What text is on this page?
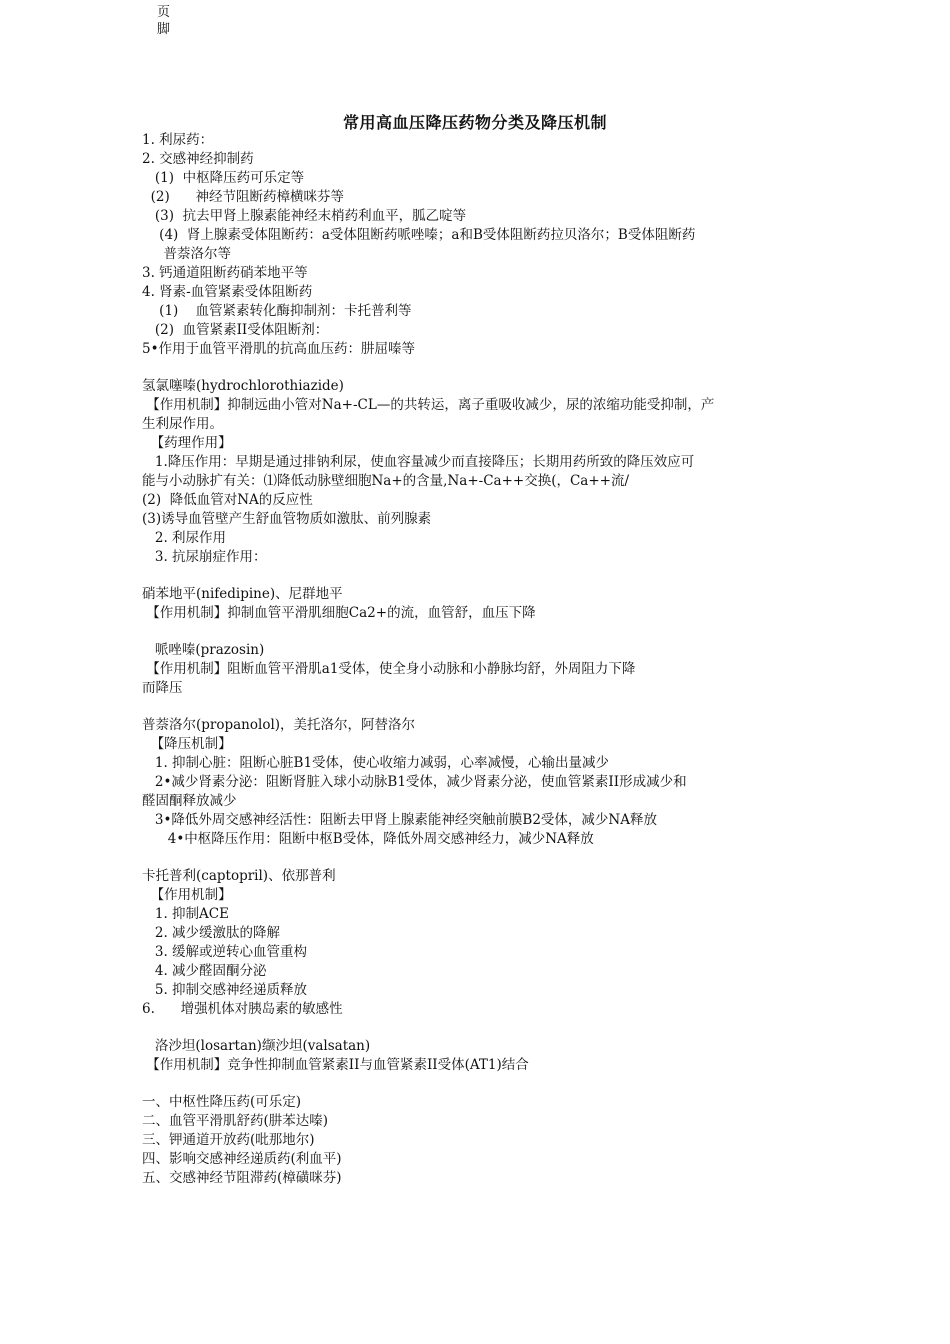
页
脚
常用高血压降压药物分类及降压机制
1. 利尿药：
2. 交感神经抑制药
(1)  中枢降压药可乐定等
(2)      神经节阻断药樟横咪芬等
(3)  抗去甲肾上腺素能神经末梢药利血平，胍乙啶等
(4)  肾上腺素受体阻断药：a受体阻断药哌唑嗪；a和B受体阻断药拉贝洛尔；B受体阻断药
普萘洛尔等
3. 钙通道阻断药硝苯地平等
4. 肾素-血管紧素受体阻断药
(1)    血管紧素转化酶抑制剂：卡托普利等
(2)  血管紧素II受体阻断剂：
5•作用于血管平滑肌的抗高血压药：肼屈嗪等
氢氯噻嗪(hydrochlorothiazide)
【作用机制】抑制远曲小管对Na+-CL—的共转运，离子重吸收减少，尿的浓缩功能受抑制，产
生利尿作用。
【药理作用】
1.降压作用：早期是通过排钠利尿，使血容量减少而直接降压；长期用药所致的降压效应可
能与小动脉扩有关：⑴降低动脉壁细胞Na+的含量,Na+-Ca++交换(，Ca++流/
(2)  降低血管对NA的反应性
(3)诱导血管壁产生舒血管物质如激肽、前列腺素
2. 利尿作用
3. 抗尿崩症作用：
硝苯地平(nifedipine)、尼群地平
【作用机制】抑制血管平滑肌细胞Ca2+的流，血管舒，血压下降
哌唑嗪(prazosin)
【作用机制】阻断血管平滑肌a1受体，使全身小动脉和小静脉均舒，外周阻力下降
而降压
普萘洛尔(propanolol)，美托洛尔，阿替洛尔
【降压机制】
1. 抑制心脏：阻断心脏B1受体，使心收缩力减弱，心率减慢，心输出量减少
2•减少肾素分泌：阻断肾脏入球小动脉B1受体，减少肾素分泌，使血管紧素II形成减少和
醛固酮释放减少
3•降低外周交感神经活性：阻断去甲肾上腺素能神经突触前膜B2受体，减少NA释放
4•中枢降压作用：阻断中枢B受体，降低外周交感神经力，减少NA释放
卡托普利(captopril)、依那普利
【作用机制】
1. 抑制ACE
2. 减少缓激肽的降解
3. 缓解或逆转心血管重构
4. 减少醛固酮分泌
5. 抑制交感神经递质释放
6.      增强机体对胰岛素的敏感性
洛沙坦(losartan)缬沙坦(valsatan)
【作用机制】竞争性抑制血管紧素II与血管紧素II受体(AT1)结合
一、中枢性降压药(可乐定)
二、血管平滑肌舒药(肼苯达嗪)
三、钾通道开放药(吡那地尔)
四、影响交感神经递质药(利血平)
五、交感神经节阻滞药(樟磺咪芬)
